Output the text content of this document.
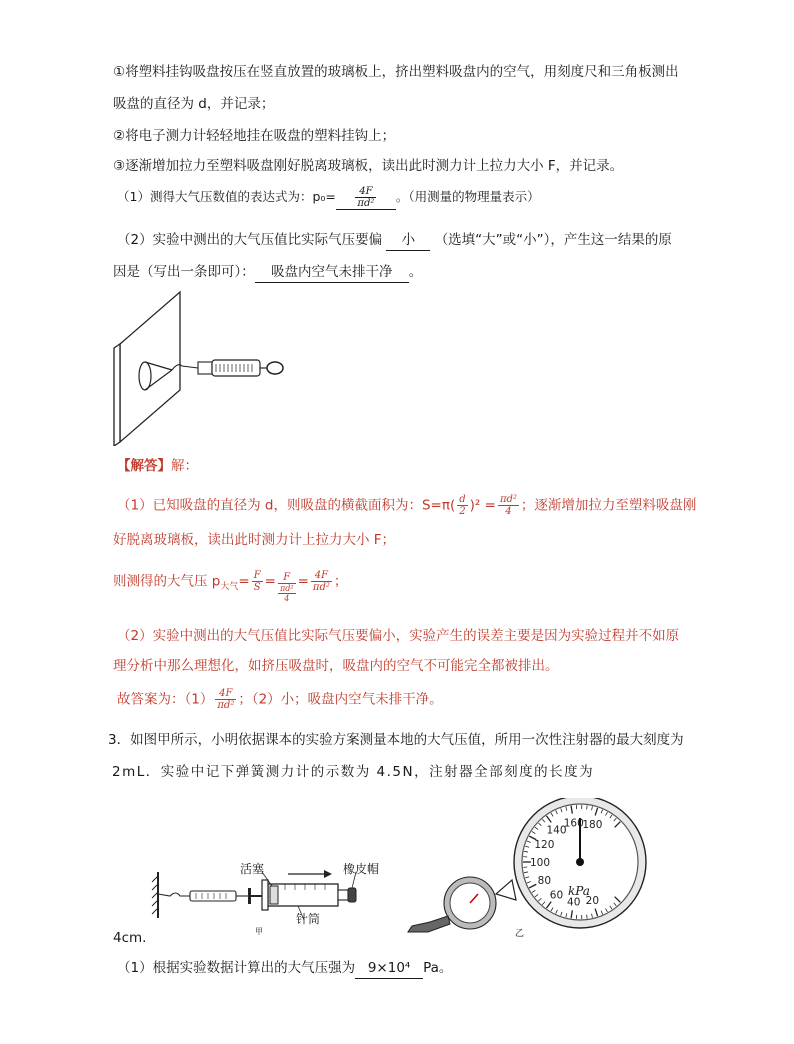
①将塑料挂钩吸盘按压在竖直放置的玻璃板上，挤出塑料吸盘内的空气，用刻度尺和三角板测出
吸盘的直径为 d，并记录；
②将电子测力计轻轻地挂在吸盘的塑料挂钩上；
③逐渐增加拉力至塑料吸盘刚好脱离玻璃板，读出此时测力计上拉力大小 F，并记录。
（1）测得大气压数值的表达式为：$p_0= \frac{4F}{\text{πd²}}$ 。（用测量的物理量表示）
（2）实验中测出的大气压值比实际气压要偏 小 （选填“大”或“小”），产生这一结果的原
因是（写出一条即可）： 吸盘内空气未排干净 。
【解答】解：
（1）已知吸盘的直径为 d，则吸盘的横截面积为：$S=\pi( \frac{d}{2} )^2 = \frac{\text{πd²}}{4}$ ；逐渐增加拉力至塑料吸盘刚
好脱离玻璃板，读出此时测力计上拉力大小 F；
则测得的大气压 $p_{大气}= \frac{F}{S} = \frac{F}{\frac{\text{πd²}}{4}} = \frac{4F}{\text{πd²}}$ ；
（2）实验中测出的大气压值比实际气压要偏小，实验产生的误差主要是因为实验过程并不如原
理分析中那么理想化，如挤压吸盘时，吸盘内的空气不可能完全都被排出。
故答案为：$(1) \frac{4F}{\text{πd²}}$ ；（2）小；吸盘内空气未排干净。
3．如图甲所示，小明依据课本的实验方案测量本地的大气压值，所用一次性注射器的最大刻度为
2mL．实验中记下弹簧测力计的示数为 4.5N，注射器全部刻度的长度为
活塞	橡皮帽
针筒
甲
20
40
60
80
100
120
140
160
180
kPa
乙
4cm.
（1）根据实验数据计算出的大气压强为 9×10⁴ Pa。
